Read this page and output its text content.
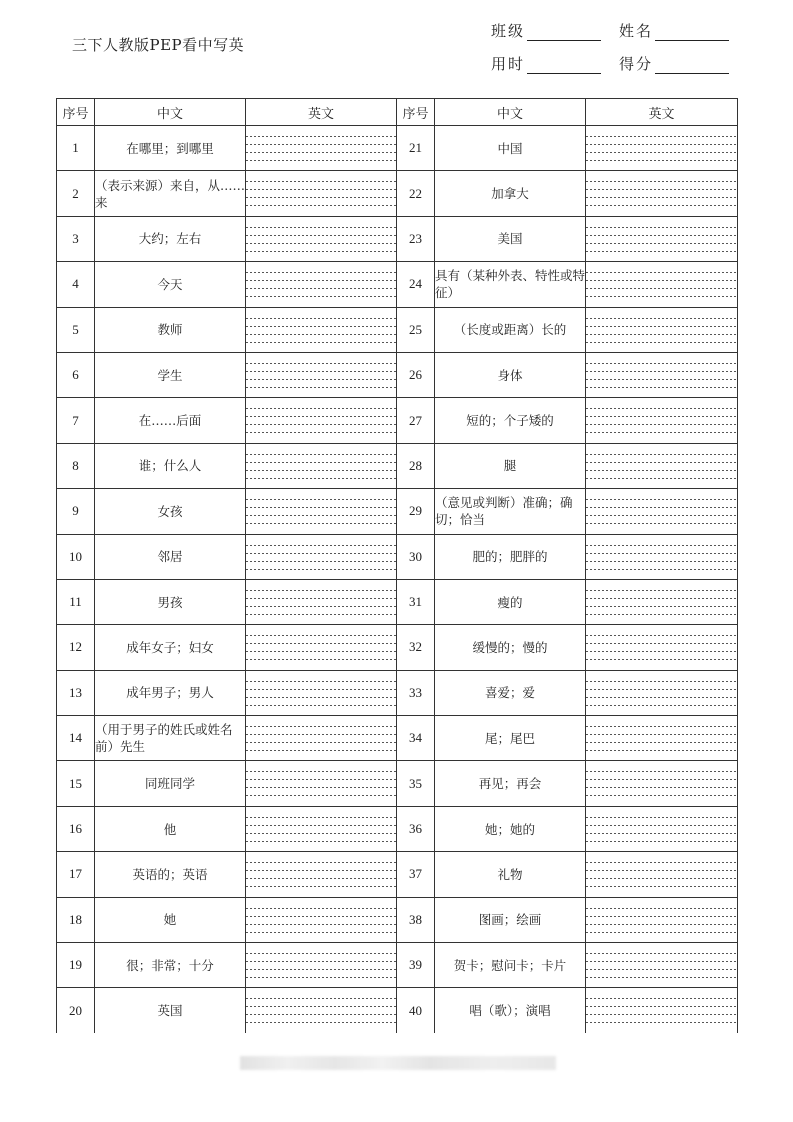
三下人教版PEP看中写英
班级	姓名
用时	得分
序号	中文	英文	序号	中文	英文
1	在哪里；到哪里		21	中国	
2	（表示来源）来自，从……来		22	加拿大	
3	大约；左右		23	美国	
4	今天		24	具有（某种外表、特性或特征）	
5	教师		25	（长度或距离）长的	
6	学生		26	身体	
7	在……后面		27	短的；个子矮的	
8	谁；什么人		28	腿	
9	女孩		29	（意见或判断）准确；确切；恰当	
10	邻居		30	肥的；肥胖的	
11	男孩		31	瘦的	
12	成年女子；妇女		32	缓慢的；慢的	
13	成年男子；男人		33	喜爱；爱	
14	（用于男子的姓氏或姓名前）先生		34	尾；尾巴	
15	同班同学		35	再见；再会	
16	他		36	她；她的	
17	英语的；英语		37	礼物	
18	她		38	图画；绘画	
19	很；非常；十分		39	贺卡；慰问卡；卡片	
20	英国		40	唱（歌）；演唱	
